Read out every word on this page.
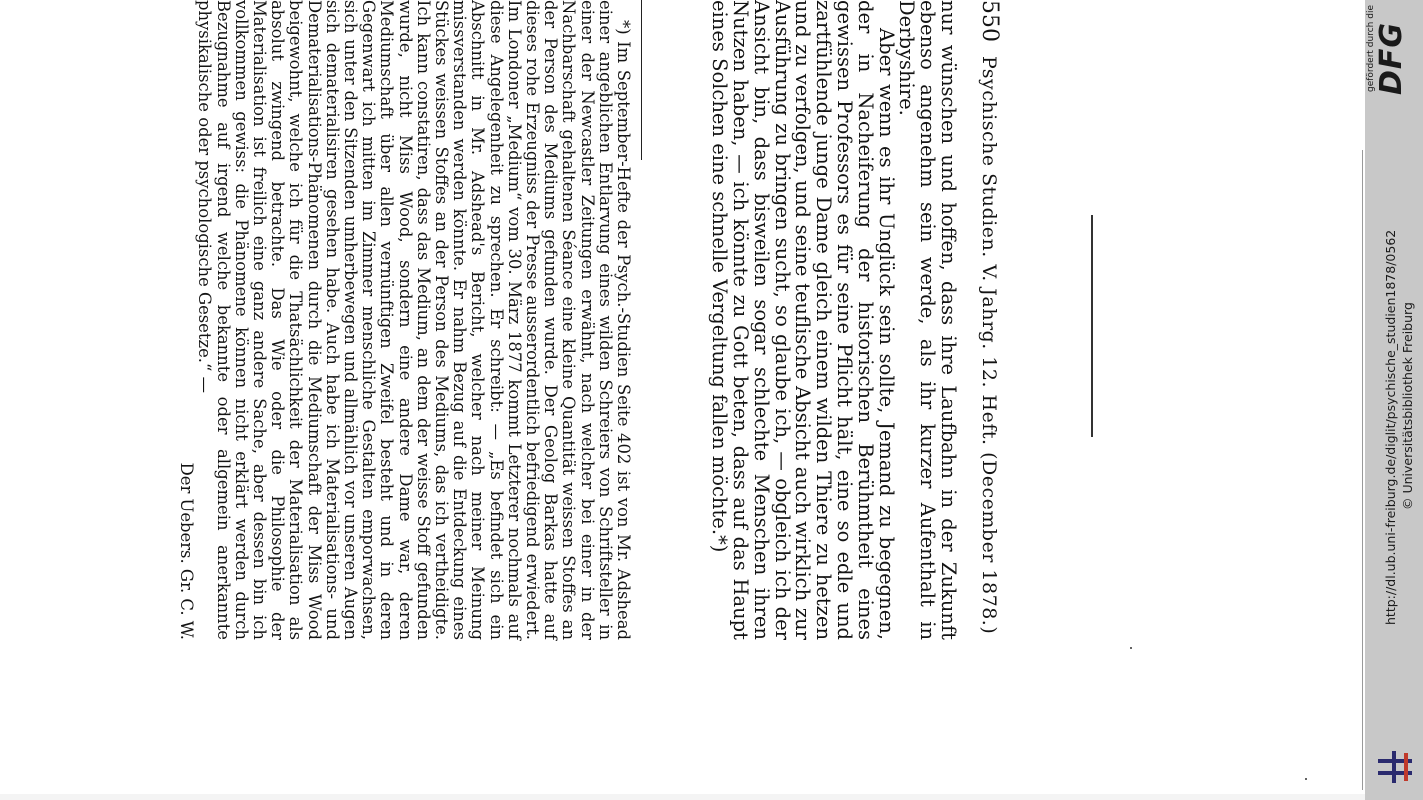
550
Psychische Studien. V. Jahrg. 12. Heft. (December 1878.)

nur wünschen und hoffen, dass ihre Laufbahn in der Zukunft ebenso angenehm sein werde, als ihr kurzer Aufenthalt in Derbyshire.

Aber wenn es ihr Unglück sein sollte, Jemand zu begegnen, der in Nacheiferung der historischen Berühmtheit eines gewissen Professors es für seine Pflicht hält, eine so edle und zartfühlende junge Dame gleich einem wilden Thiere zu hetzen und zu verfolgen, und seine teuflische Absicht auch wirklich zur Ausführung zu bringen sucht, so glaube ich, — obgleich ich der Ansicht bin, dass bisweilen sogar schlechte Menschen ihren Nutzen haben, — ich könnte zu Gott beten, dass auf das Haupt eines Solchen eine schnelle Vergeltung fallen möchte.*)

*) Im September-Hefte der Psych.-Studien Seite 402 ist von Mr. Adshead einer angeblichen Entlarvung eines wilden Schreiers von Schriftsteller in einer der Newcastler Zeitungen erwähnt, nach welcher bei einer in der Nachbarschaft gehaltenen Séance eine kleine Quantität weissen Stoffes an der Person des Mediums gefunden wurde. Der Geolog Barkas hatte auf dieses rohe Erzeugniss der Presse ausserordentlich befriedigend erwiedert. Im Londoner „Medium“ vom 30. März 1877 kommt Letzterer nochmals auf diese Angelegenheit zu sprechen. Er schreibt: — „Es befindet sich ein Abschnitt in Mr. Adshead's Bericht, welcher nach meiner Meinung missverstanden werden könnte. Er nahm Bezug auf die Entdeckung eines Stückes weissen Stoffes an der Person des Mediums, das ich vertheidigte. Ich kann constatiren, dass das Medium, an dem der weisse Stoff gefunden wurde, nicht Miss Wood, sondern eine andere Dame war, deren Mediumschaft über allen vernünftigen Zweifel besteht und in deren Gegenwart ich mitten im Zimmer menschliche Gestalten emporwachsen, sich unter den Sitzenden umherbewegen und allmählich vor unseren Augen sich dematerialisiren gesehen habe. Auch habe ich Materialisations- und Dematerialisations-Phänomenen durch die Mediumschaft der Miss Wood beigewohnt, welche ich für die Thatsächlichkeit der Materialisation als absolut zwingend betrachte. Das Wie oder die Philosophie der Materialisation ist freilich eine ganz andere Sache, aber dessen bin ich vollkommen gewiss: die Phänomene können nicht erklärt werden durch Bezugnahme auf irgend welche bekannte oder allgemein anerkannte physikalische oder psychologische Gesetze.“ —

Der Uebers. Gr. C. W.	http://dl.ub.uni-freiburg.de/diglit/psychische_studien1878/0562 © Universitätsbibliothek Freiburg
gefördert durch die
DFG
